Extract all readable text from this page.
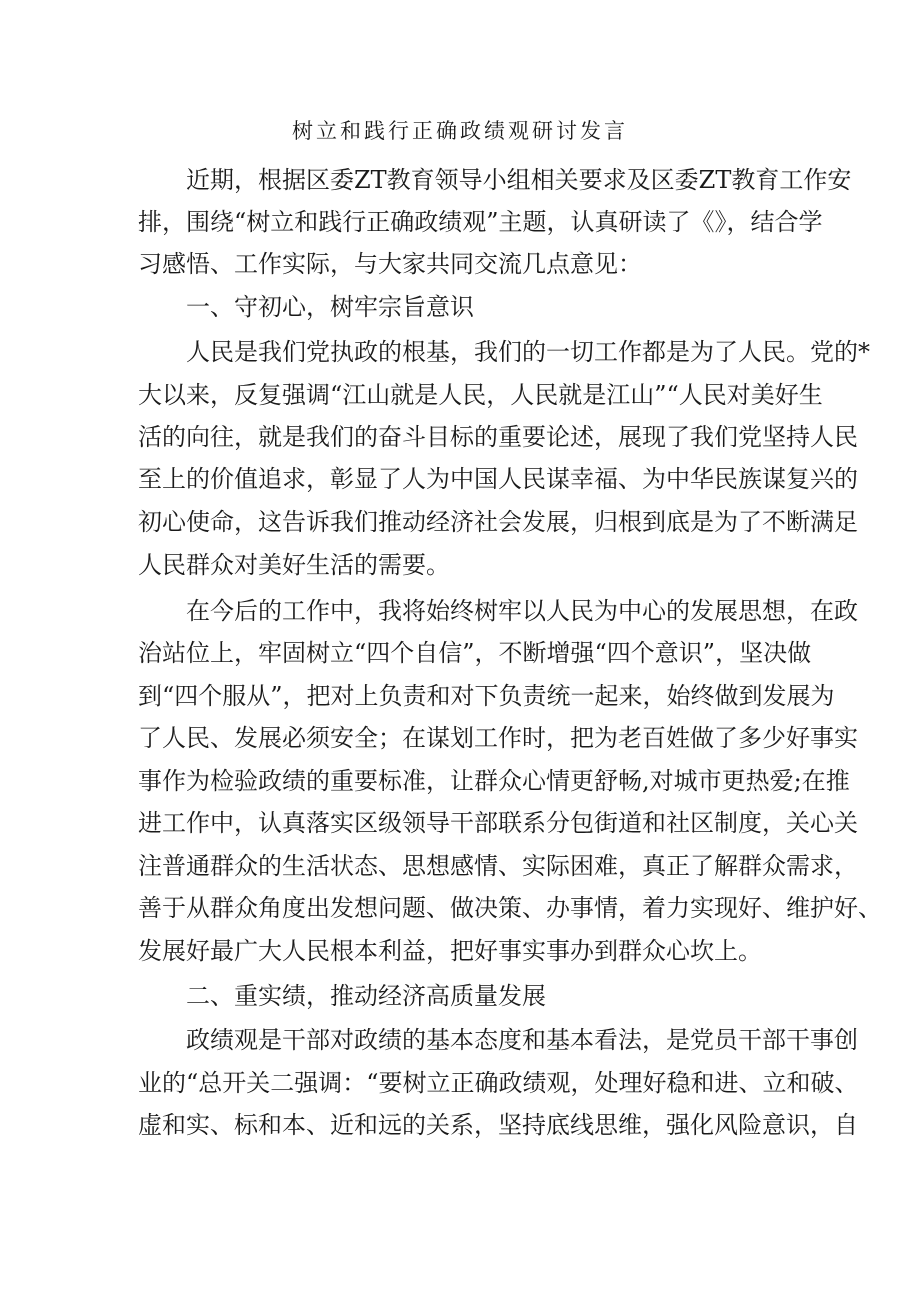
树立和践行正确政绩观研讨发言
近期，根据区委ZT教育领导小组相关要求及区委ZT教育工作安
排，围绕“树立和践行正确政绩观”主题，认真研读了《》，结合学
习感悟、工作实际，与大家共同交流几点意见：
一、守初心，树牢宗旨意识
人民是我们党执政的根基，我们的一切工作都是为了人民。党的*
大以来，反复强调“江山就是人民，人民就是江山”“人民对美好生
活的向往，就是我们的奋斗目标的重要论述，展现了我们党坚持人民
至上的价值追求，彰显了人为中国人民谋幸福、为中华民族谋复兴的
初心使命，这告诉我们推动经济社会发展，归根到底是为了不断满足
人民群众对美好生活的需要。
在今后的工作中，我将始终树牢以人民为中心的发展思想，在政
治站位上，牢固树立“四个自信”，不断增强“四个意识”，坚决做
到“四个服从”，把对上负责和对下负责统一起来，始终做到发展为
了人民、发展必须安全；在谋划工作时，把为老百姓做了多少好事实
事作为检验政绩的重要标准，让群众心情更舒畅,对城市更热爱;在推
进工作中，认真落实区级领导干部联系分包街道和社区制度，关心关
注普通群众的生活状态、思想感情、实际困难，真正了解群众需求，
善于从群众角度出发想问题、做决策、办事情，着力实现好、维护好、
发展好最广大人民根本利益，把好事实事办到群众心坎上。
二、重实绩，推动经济高质量发展
政绩观是干部对政绩的基本态度和基本看法，是党员干部干事创
业的“总开关二强调：“要树立正确政绩观，处理好稳和进、立和破、
虚和实、标和本、近和远的关系，坚持底线思维，强化风险意识，自
